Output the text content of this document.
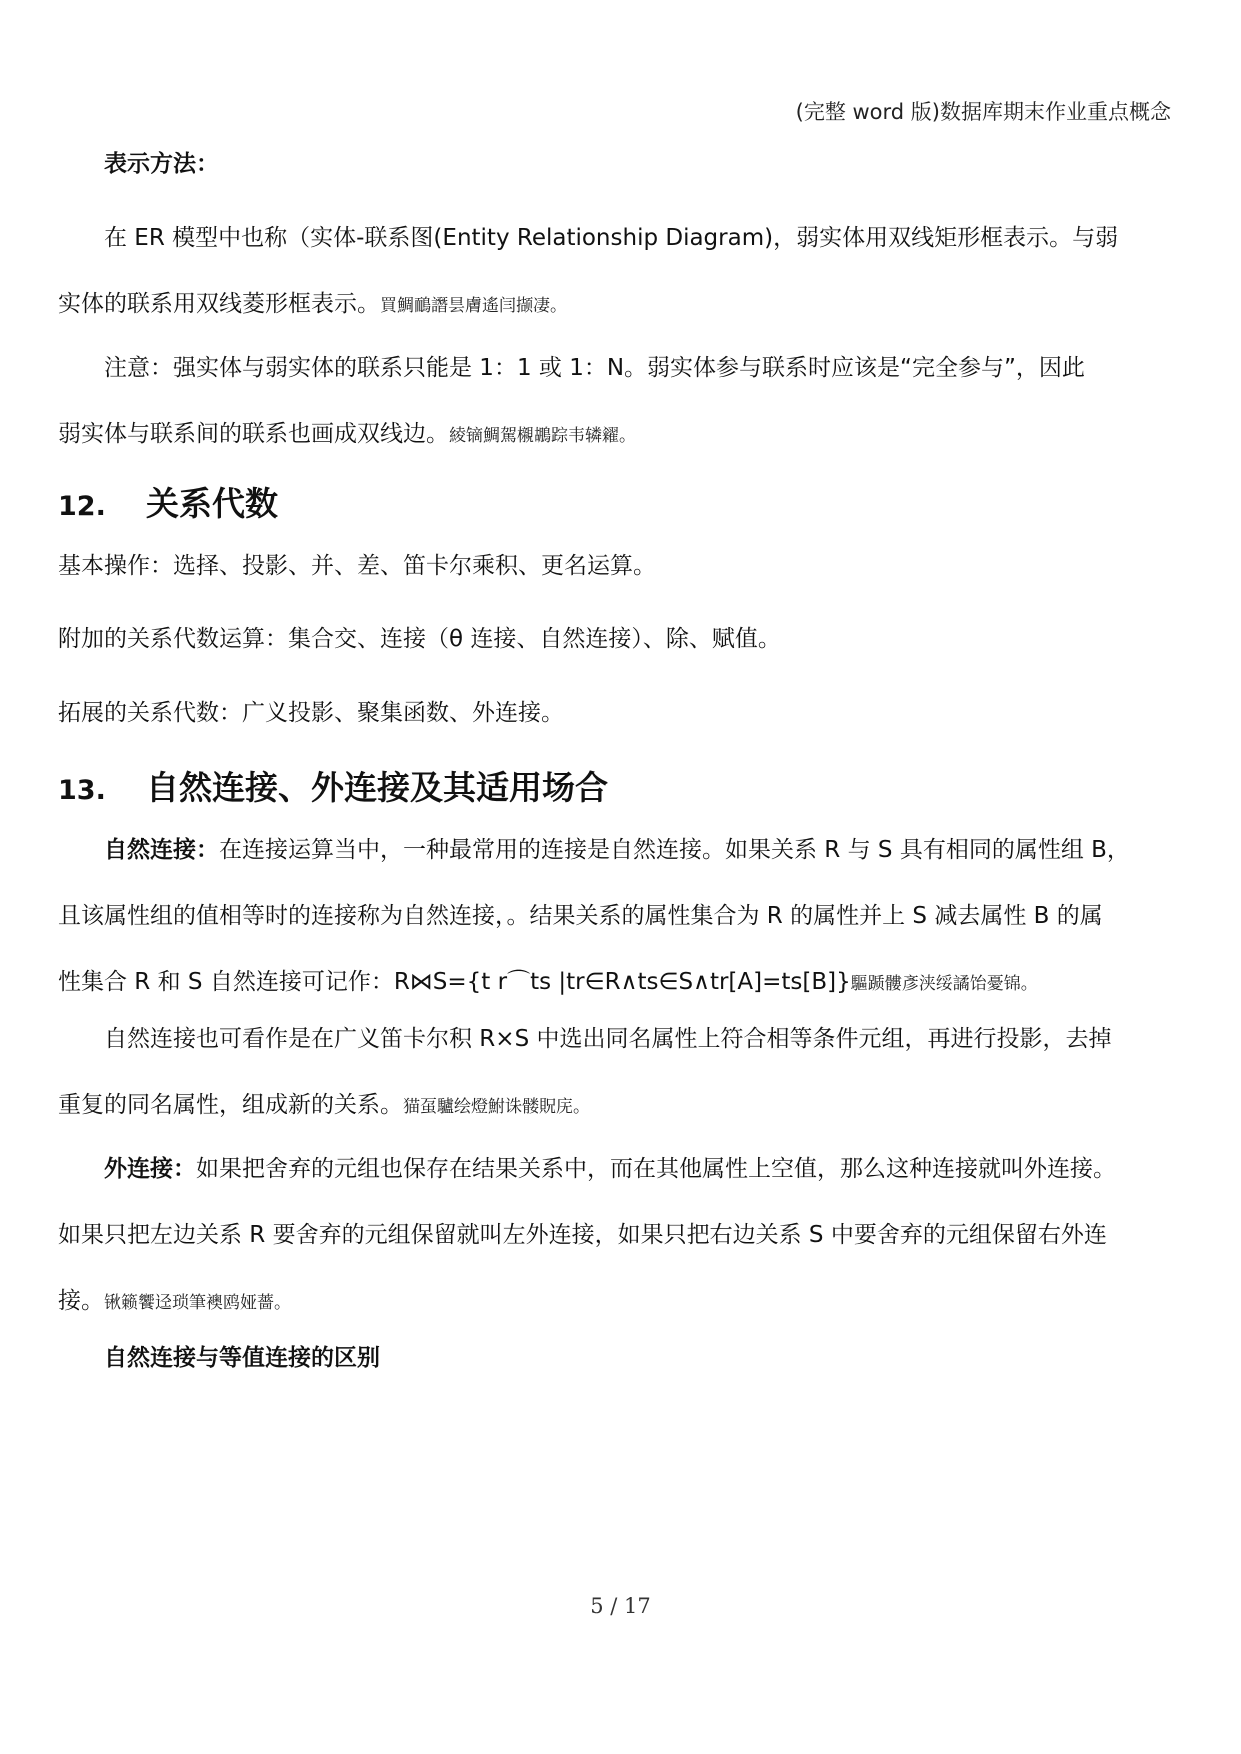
(完整 word 版)数据库期末作业重点概念
表示方法：
在 ER 模型中也称（实体-联系图(Entity Relationship Diagram)，弱实体用双线矩形框表示。与弱
实体的联系用双线菱形框表示。買鯛鴯譖昙膚遙闫撷凄。
注意：强实体与弱实体的联系只能是 1：1 或 1：N。弱实体参与联系时应该是“完全参与”，因此
弱实体与联系间的联系也画成双线边。綾镝鯛駕櫬鶘踪韦辚糴。
12. 关系代数
基本操作：选择、投影、并、差、笛卡尔乘积、更名运算。
附加的关系代数运算：集合交、连接（θ 连接、自然连接）、除、赋值。
拓展的关系代数：广义投影、聚集函数、外连接。
13. 自然连接、外连接及其适用场合
自然连接：在连接运算当中，一种最常用的连接是自然连接。如果关系 R 与 S 具有相同的属性组 B，
且该属性组的值相等时的连接称为自然连接，。结果关系的属性集合为 R 的属性并上 S 减去属性 B 的属
性集合 R 和 S 自然连接可记作：R⋈S={t r⌒ts |tr∈R∧ts∈S∧tr[A]=ts[B]}驅踬髏彥浃绥譎饴憂锦。
自然连接也可看作是在广义笛卡尔积 R×S 中选出同名属性上符合相等条件元组，再进行投影，去掉
重复的同名属性，组成新的关系。猫虿驢绘燈鮒诛髅貺庑。
外连接：如果把舍弃的元组也保存在结果关系中，而在其他属性上空值，那么这种连接就叫外连接。
如果只把左边关系 R 要舍弃的元组保留就叫左外连接，如果只把右边关系 S 中要舍弃的元组保留右外连
接。锹籁饗迳琐筆襖鸥娅薔。
自然连接与等值连接的区别
5 / 17
